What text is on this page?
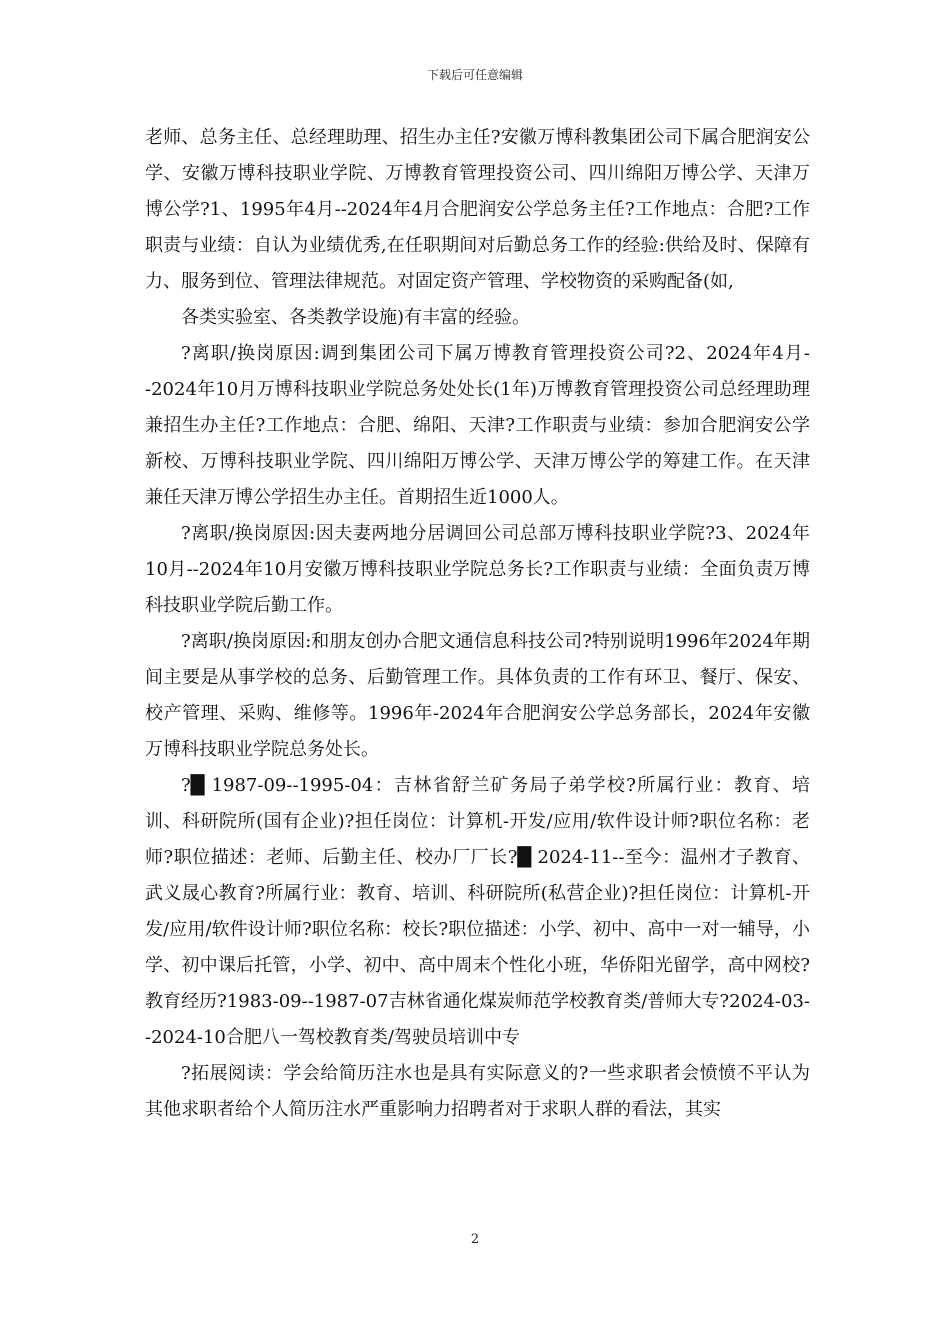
下载后可任意编辑

老师、总务主任、总经理助理、招生办主任?安徽万博科教集团公司下属合肥润安公学、安徽万博科技职业学院、万博教育管理投资公司、四川绵阳万博公学、天津万博公学?1、1995年4月--2024年4月合肥润安公学总务主任?工作地点：合肥?工作职责与业绩：自认为业绩优秀,在任职期间对后勤总务工作的经验:供给及时、保障有力、服务到位、管理法律规范。对固定资产管理、学校物资的采购配备(如,

各类实验室、各类教学设施)有丰富的经验。

?离职/换岗原因:调到集团公司下属万博教育管理投资公司?2、2024年4月--2024年10月万博科技职业学院总务处处长(1年)万博教育管理投资公司总经理助理兼招生办主任?工作地点：合肥、绵阳、天津?工作职责与业绩：参加合肥润安公学新校、万博科技职业学院、四川绵阳万博公学、天津万博公学的筹建工作。在天津兼任天津万博公学招生办主任。首期招生近1000人。

?离职/换岗原因:因夫妻两地分居调回公司总部万博科技职业学院?3、2024年10月--2024年10月安徽万博科技职业学院总务长?工作职责与业绩：全面负责万博科技职业学院后勤工作。

?离职/换岗原因:和朋友创办合肥文通信息科技公司?特别说明1996年2024年期间主要是从事学校的总务、后勤管理工作。具体负责的工作有环卫、餐厅、保安、校产管理、采购、维修等。1996年-2024年合肥润安公学总务部长，2024年安徽万博科技职业学院总务处长。

?█ 1987-09--1995-04：吉林省舒兰矿务局子弟学校?所属行业：教育、培训、科研院所(国有企业)?担任岗位：计算机-开发/应用/软件设计师?职位名称：老师?职位描述：老师、后勤主任、校办厂厂长?█ 2024-11--至今：温州才子教育、武义晟心教育?所属行业：教育、培训、科研院所(私营企业)?担任岗位：计算机-开发/应用/软件设计师?职位名称：校长?职位描述：小学、初中、高中一对一辅导，小学、初中课后托管，小学、初中、高中周末个性化小班，华侨阳光留学，高中网校?教育经历?1983-09--1987-07吉林省通化煤炭师范学校教育类/普师大专?2024-03--2024-10合肥八一驾校教育类/驾驶员培训中专

?拓展阅读：学会给简历注水也是具有实际意义的?一些求职者会愤愤不平认为其他求职者给个人简历注水严重影响力招聘者对于求职人群的看法，其实

2
